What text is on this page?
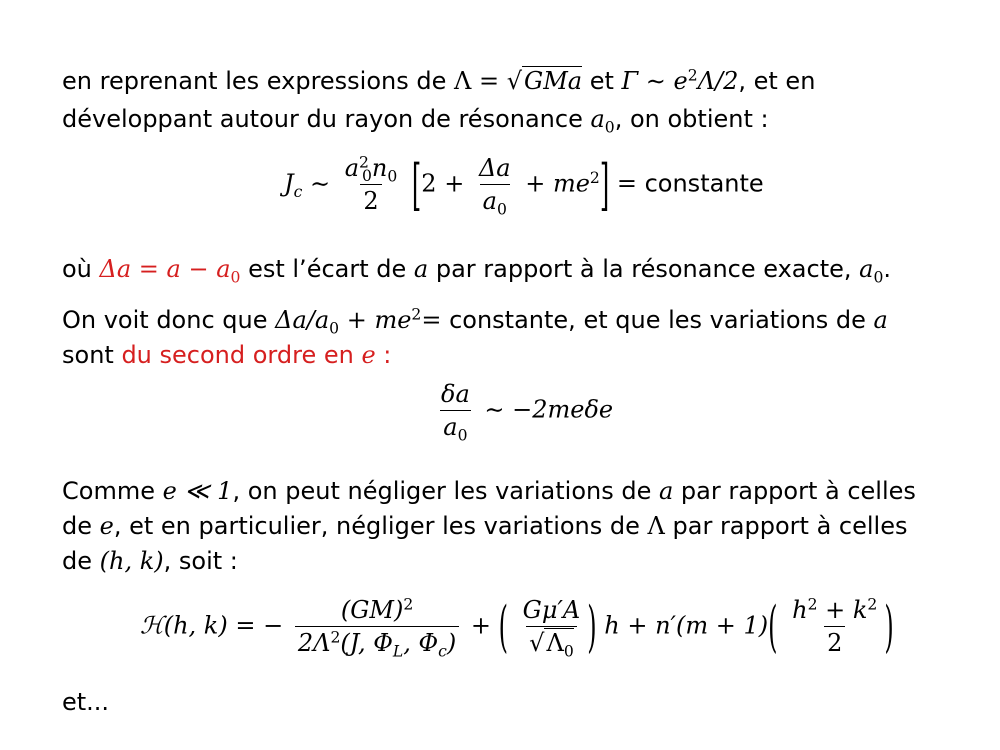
en reprenant les expressions de Λ = √GMa et Γ ∼ $e^2\Lambda/2$, et en
développant autour du rayon de résonance $a_0$, on obtient :
$J_c$ ∼ $\frac{a^2_0n_0}{2} [2 + \frac{\Delta a}{a_0} + me^2]$ = constante
où $\Delta a = a - a_0$ est l’écart de a par rapport à la résonance exacte, $a_0$.
On voit donc que $\Delta a/a_0 + me^2=$ constante, et que les variations de a
sont du second ordre en e :
$\frac{\delta a}{a_0}$ ∼ −2meδe
Comme e ≪ 1, on peut négliger les variations de a par rapport à celles
de e, et en particulier, négliger les variations de Λ par rapport à celles
de (h, k), soit :
ℋ(h, k) = − $\frac{(GM)^2}{2\Lambda^2(J, \Phi_L, \Phi_c)}$ + ( $\frac{G\mu'A}{√\Lambda_0}$ ) $h + n'(m + 1)( \frac{h^2 + k^2}{2}$ )
et...
